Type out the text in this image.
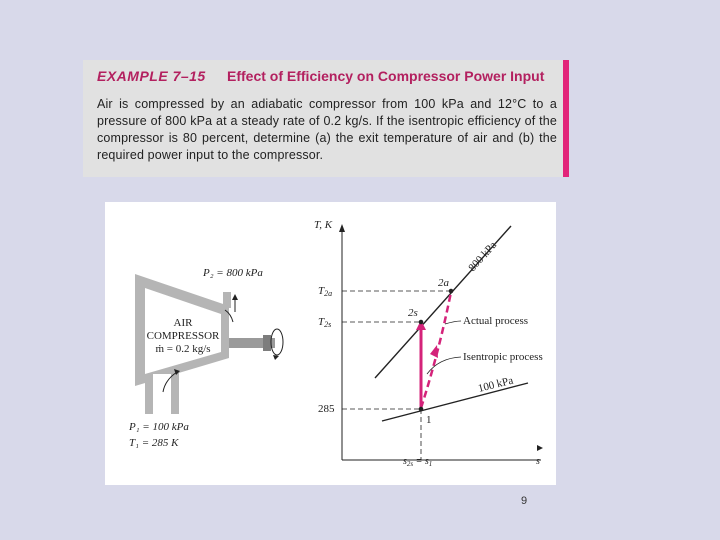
EXAMPLE 7–15 Effect of Efficiency on Compressor Power Input
Air is compressed by an adiabatic compressor from 100 kPa and 12°C to a pressure of 800 kPa at a steady rate of 0.2 kg/s. If the isentropic efficiency of the compressor is 80 percent, determine (a) the exit temperature of air and (b) the required power input to the compressor.
P₂ = 800 kPa
AIR
COMPRESSOR
ṁ = 0.2 kg/s
P₁ = 100 kPa
T₁ = 285 K
T, K
s
800 kPa
100 kPa
T2a
T2s
285
$s_{2s} = s_1$
2a
2s
1
Actual process
Isentropic process
9
